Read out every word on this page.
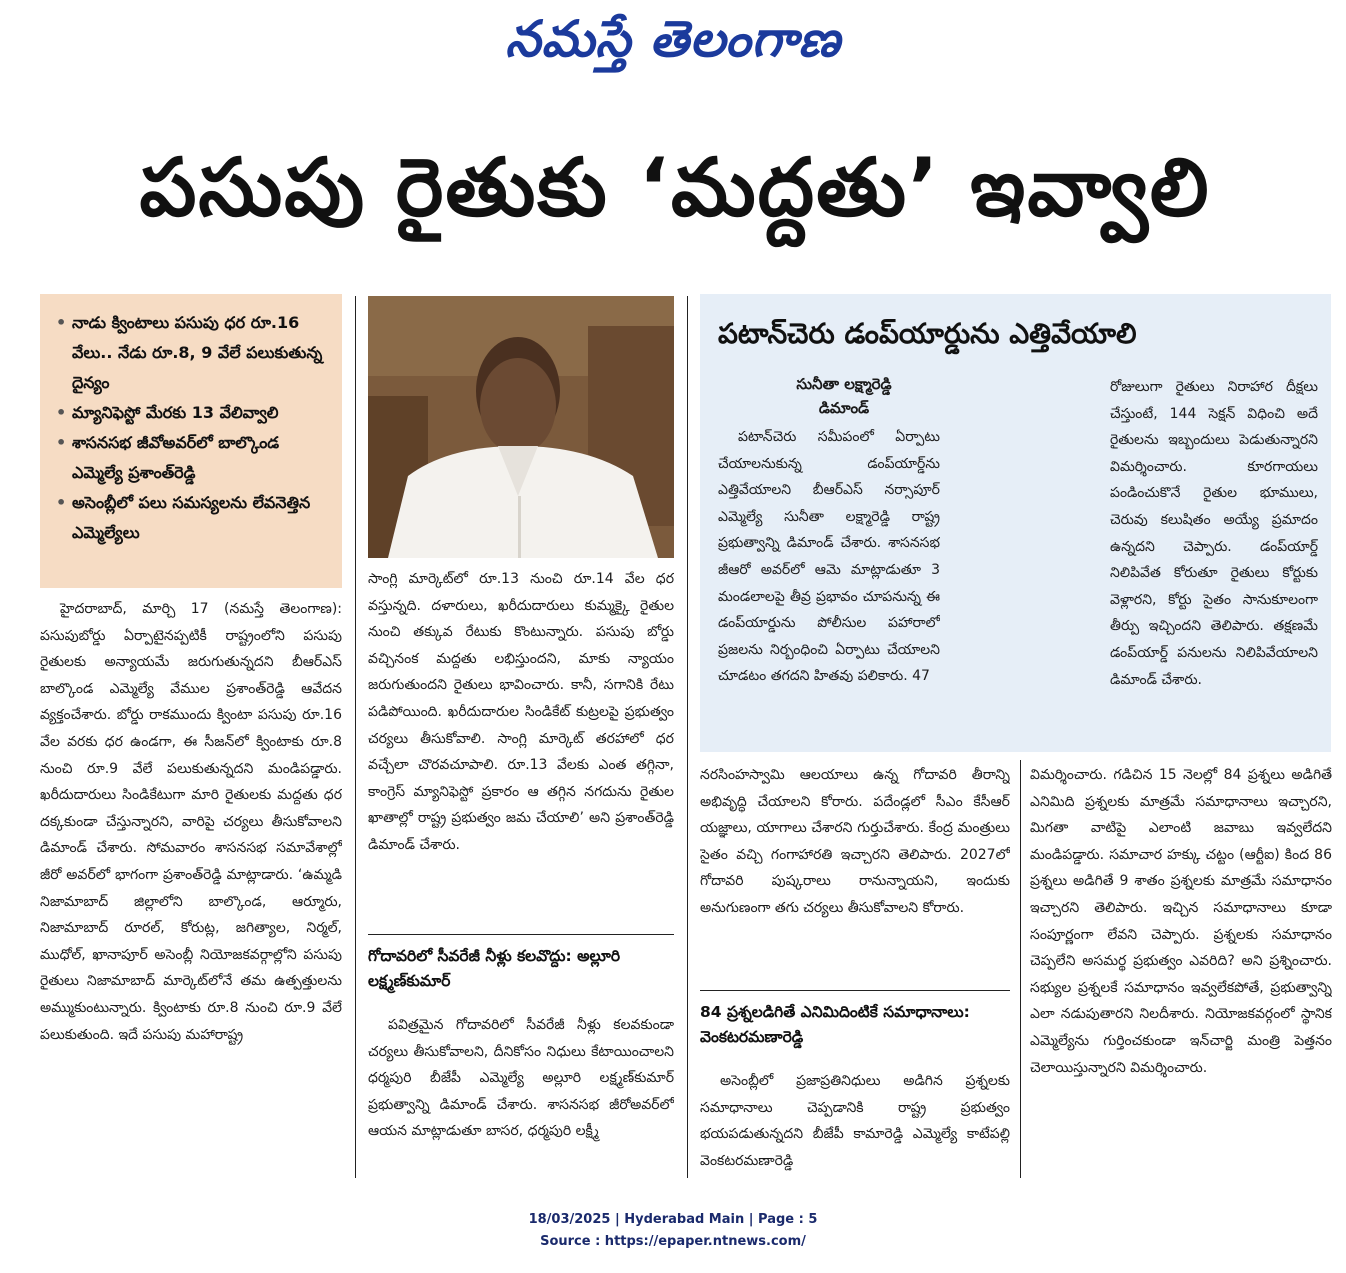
నమస్తే తెలంగాణ
పసుపు రైతుకు ‘మద్దతు’ ఇవ్వాలి
• నాడు క్వింటాలు పసుపు ధర రూ.16 వేలు.. నేడు రూ.8, 9 వేలే పలుకుతున్న దైన్యం
• మ్యానిఫెస్టో మేరకు 13 వేలివ్వాలి
• శాసనసభ జీవోఅవర్‌లో బాల్కొండ ఎమ్మెల్యే ప్రశాంత్‌రెడ్డి
• అసెంబ్లీలో పలు సమస్యలను లేవనెత్తిన ఎమ్మెల్యేలు

హైదరాబాద్, మార్చి 17 (నమస్తే తెలంగాణ): పసుపుబోర్డు ఏర్పాటైనప్పటికీ రాష్ట్రంలోని పసుపు రైతులకు అన్యాయమే జరుగుతున్నదని బీఆర్‌ఎస్ బాల్కొండ ఎమ్మెల్యే వేముల ప్రశాంత్‌రెడ్డి ఆవేదన వ్యక్తంచేశారు. బోర్డు రాకముందు క్వింటా పసుపు రూ.16 వేల వరకు ధర ఉండగా, ఈ సీజన్‌లో క్వింటాకు రూ.8 నుంచి రూ.9 వేలే పలుకుతున్నదని మండిపడ్డారు. ఖరీదుదారులు సిండికేటుగా మారి రైతులకు మద్దతు ధర దక్కకుండా చేస్తున్నారని, వారిపై చర్యలు తీసుకోవాలని డిమాండ్ చేశారు. సోమవారం శాసనసభ సమావేశాల్లో జీరో అవర్‌లో భాగంగా ప్రశాంత్‌రెడ్డి మాట్లాడారు. ‘ఉమ్మడి నిజామాబాద్ జిల్లాలోని బాల్కొండ, ఆర్మూరు, నిజామాబాద్ రూరల్, కోరుట్ల, జగిత్యాల, నిర్మల్, ముధోల్, ఖానాపూర్ అసెంబ్లీ నియోజకవర్గాల్లోని పసుపు రైతులు నిజామాబాద్ మార్కెట్‌లోనే తమ ఉత్పత్తులను అమ్ముకుంటున్నారు. క్వింటాకు రూ.8 నుంచి రూ.9 వేలే పలుకుతుంది. ఇదే పసుపు మహారాష్ట్ర

సాంగ్లి మార్కెట్‌లో రూ.13 నుంచి రూ.14 వేల ధర వస్తున్నది. దళారులు, ఖరీదుదారులు కుమ్మక్కై రైతుల నుంచి తక్కువ రేటుకు కొంటున్నారు. పసుపు బోర్డు వచ్చినంక మద్దతు లభిస్తుందని, మాకు న్యాయం జరుగుతుందని రైతులు భావించారు. కానీ, సగానికి రేటు పడిపోయింది. ఖరీదుదారుల సిండికేట్ కుట్రలపై ప్రభుత్వం చర్యలు తీసుకోవాలి. సాంగ్లి మార్కెట్ తరహాలో ధర వచ్చేలా చొరవచూపాలి. రూ.13 వేలకు ఎంత తగ్గినా, కాంగ్రెస్ మ్యానిఫెస్టో ప్రకారం ఆ తగ్గిన నగదును రైతుల ఖాతాల్లో రాష్ట్ర ప్రభుత్వం జమ చేయాలి’ అని ప్రశాంత్‌రెడ్డి డిమాండ్ చేశారు.

గోదావరిలో సీవరేజీ నీళ్లు కలవొద్దు: అల్లూరి లక్ష్మణ్‌కుమార్

పవిత్రమైన గోదావరిలో సీవరేజీ నీళ్లు కలవకుండా చర్యలు తీసుకోవాలని, దీనికోసం నిధులు కేటాయించాలని ధర్మపురి బీజేపీ ఎమ్మెల్యే అల్లూరి లక్ష్మణ్‌కుమార్ ప్రభుత్వాన్ని డిమాండ్ చేశారు. శాసనసభ జీరోఅవర్‌లో ఆయన మాట్లాడుతూ బాసర, ధర్మపురి లక్ష్మీ

పటాన్‌చెరు డంప్‌యార్డును ఎత్తివేయాలి
సునీతా లక్ష్మారెడ్డి
డిమాండ్

పటాన్‌చెరు సమీపంలో ఏర్పాటు చేయాలనుకున్న డంప్‌యార్డ్‌ను ఎత్తివేయాలని బీఆర్‌ఎస్ నర్సాపూర్ ఎమ్మెల్యే సునీతా లక్ష్మారెడ్డి రాష్ట్ర ప్రభుత్వాన్ని డిమాండ్ చేశారు. శాసనసభ జీఆరో అవర్‌లో ఆమె మాట్లాడుతూ 3 మండలాలపై తీవ్ర ప్రభావం చూపనున్న ఈ డంప్‌యార్డును పోలీసుల పహారాలో ప్రజలను నిర్బంధించి ఏర్పాటు చేయాలని చూడటం తగదని హితవు పలికారు. 47

రోజులుగా రైతులు నిరాహార దీక్షలు చేస్తుంటే, 144 సెక్షన్ విధించి అదే రైతులను ఇబ్బందులు పెడుతున్నారని విమర్శించారు. కూరగాయలు పండించుకొనే రైతుల భూములు, చెరువు కలుషితం అయ్యే ప్రమాదం ఉన్నదని చెప్పారు. డంప్‌యార్డ్ నిలిపివేత కోరుతూ రైతులు కోర్టుకు వెళ్లారని, కోర్టు సైతం సానుకూలంగా తీర్పు ఇచ్చిందని తెలిపారు. తక్షణమే డంప్‌యార్డ్ పనులను నిలిపివేయాలని డిమాండ్ చేశారు.

నరసింహస్వామి ఆలయాలు ఉన్న గోదావరి తీరాన్ని అభివృద్ధి చేయాలని కోరారు. పదేండ్లలో సీఎం కేసీఆర్ యజ్ఞాలు, యాగాలు చేశారని గుర్తుచేశారు. కేంద్ర మంత్రులు సైతం వచ్చి గంగాహారతి ఇచ్చారని తెలిపారు. 2027లో గోదావరి పుష్కరాలు రానున్నాయని, ఇందుకు అనుగుణంగా తగు చర్యలు తీసుకోవాలని కోరారు.

84 ప్రశ్నలడిగితే ఎనిమిదింటికే సమాధానాలు: వెంకటరమణారెడ్డి

అసెంబ్లీలో ప్రజాప్రతినిధులు అడిగిన ప్రశ్నలకు సమాధానాలు చెప్పడానికి రాష్ట్ర ప్రభుత్వం భయపడుతున్నదని బీజేపీ కామారెడ్డి ఎమ్మెల్యే కాటేపల్లి వెంకటరమణారెడ్డి

విమర్శించారు. గడిచిన 15 నెలల్లో 84 ప్రశ్నలు అడిగితే ఎనిమిది ప్రశ్నలకు మాత్రమే సమాధానాలు ఇచ్చారని, మిగతా వాటిపై ఎలాంటి జవాబు ఇవ్వలేదని మండిపడ్డారు. సమాచార హక్కు చట్టం (ఆర్టీఐ) కింద 86 ప్రశ్నలు అడిగితే 9 శాతం ప్రశ్నలకు మాత్రమే సమాధానం ఇచ్చారని తెలిపారు. ఇచ్చిన సమాధానాలు కూడా సంపూర్ణంగా లేవని చెప్పారు. ప్రశ్నలకు సమాధానం చెప్పలేని అసమర్థ ప్రభుత్వం ఎవరిది? అని ప్రశ్నించారు. సభ్యుల ప్రశ్నలకే సమాధానం ఇవ్వలేకపోతే, ప్రభుత్వాన్ని ఎలా నడుపుతారని నిలదీశారు. నియోజకవర్గంలో స్థానిక ఎమ్మెల్యేను గుర్తించకుండా ఇన్‌చార్జి మంత్రి పెత్తనం చెలాయిస్తున్నారని విమర్శించారు.

18/03/2025 | Hyderabad Main | Page : 5
Source : https://epaper.ntnews.com/
